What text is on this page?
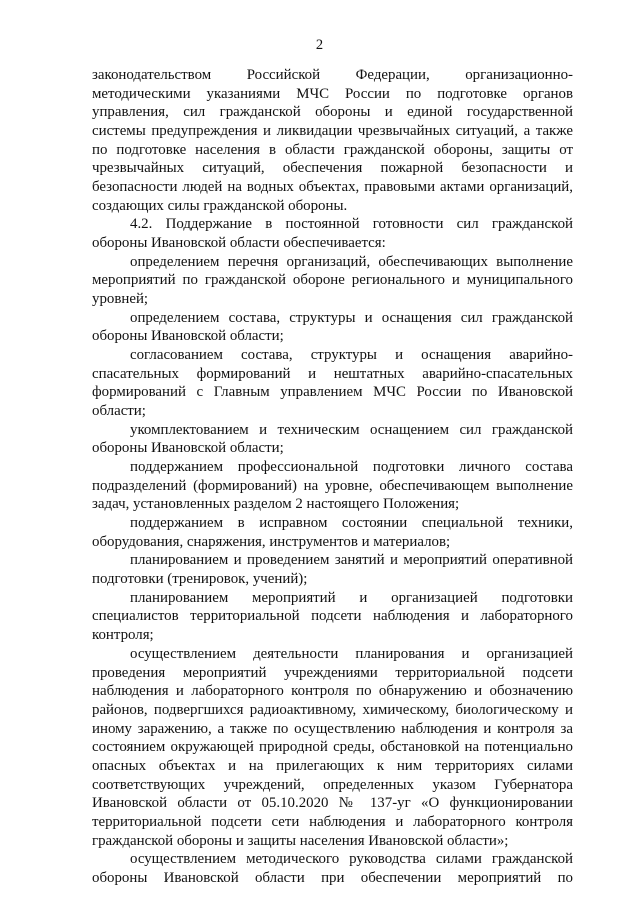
2
законодательством Российской Федерации, организационно-
методическими указаниями МЧС России по подготовке органов
управления, сил гражданской обороны и единой государственной
системы предупреждения и ликвидации чрезвычайных ситуаций, а также
по подготовке населения в области гражданской обороны, защиты от
чрезвычайных ситуаций, обеспечения пожарной безопасности и
безопасности людей на водных объектах, правовыми актами организаций,
создающих силы гражданской обороны.
4.2. Поддержание в постоянной готовности сил гражданской
обороны Ивановской области обеспечивается:
определением перечня организаций, обеспечивающих выполнение
мероприятий по гражданской обороне регионального и муниципального
уровней;
определением состава, структуры и оснащения сил гражданской
обороны Ивановской области;
согласованием состава, структуры и оснащения аварийно-
спасательных формирований и нештатных аварийно-спасательных
формирований с Главным управлением МЧС России по Ивановской
области;
укомплектованием и техническим оснащением сил гражданской
обороны Ивановской области;
поддержанием профессиональной подготовки личного состава
подразделений (формирований) на уровне, обеспечивающем выполнение
задач, установленных разделом 2 настоящего Положения;
поддержанием в исправном состоянии специальной техники,
оборудования, снаряжения, инструментов и материалов;
планированием и проведением занятий и мероприятий оперативной
подготовки (тренировок, учений);
планированием мероприятий и организацией подготовки
специалистов территориальной подсети наблюдения и лабораторного
контроля;
осуществлением деятельности планирования и организацией
проведения мероприятий учреждениями территориальной подсети
наблюдения и лабораторного контроля по обнаружению и обозначению
районов, подвергшихся радиоактивному, химическому, биологическому и
иному заражению, а также по осуществлению наблюдения и контроля за
состоянием окружающей природной среды, обстановкой на потенциально
опасных объектах и на прилегающих к ним территориях силами
соответствующих учреждений, определенных указом Губернатора
Ивановской области от 05.10.2020 № 137-уг «О функционировании
территориальной подсети сети наблюдения и лабораторного контроля
гражданской обороны и защиты населения Ивановской области»;
осуществлением методического руководства силами гражданской
обороны Ивановской области при обеспечении мероприятий по
